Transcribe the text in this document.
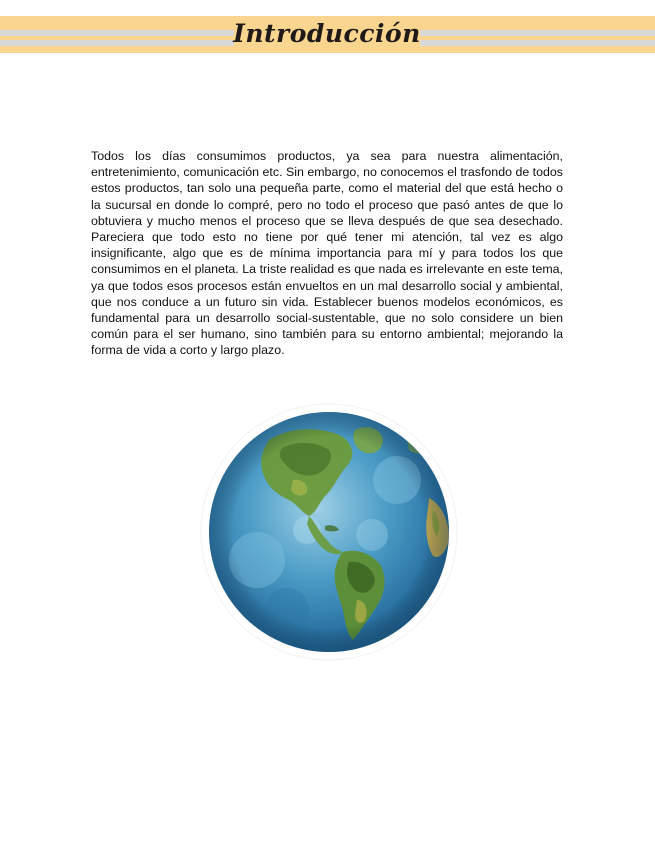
Introducción

Todos los días consumimos productos, ya sea para nuestra alimentación, entretenimiento, comunicación etc. Sin embargo, no conocemos el trasfondo de todos estos productos, tan solo una pequeña parte, como el material del que está hecho o la sucursal en donde lo compré, pero no todo el proceso que pasó antes de que lo obtuviera y mucho menos el proceso que se lleva después de que sea desechado. Pareciera que todo esto no tiene por qué tener mi atención, tal vez es algo insignificante, algo que es de mínima importancia para mí y para todos los que consumimos en el planeta. La triste realidad es que nada es irrelevante en este tema, ya que todos esos procesos están envueltos en un mal desarrollo social y ambiental, que nos conduce a un futuro sin vida. Establecer buenos modelos económicos, es fundamental para un desarrollo social-sustentable, que no solo considere un bien común para el ser humano, sino también para su entorno ambiental; mejorando la forma de vida a corto y largo plazo.
